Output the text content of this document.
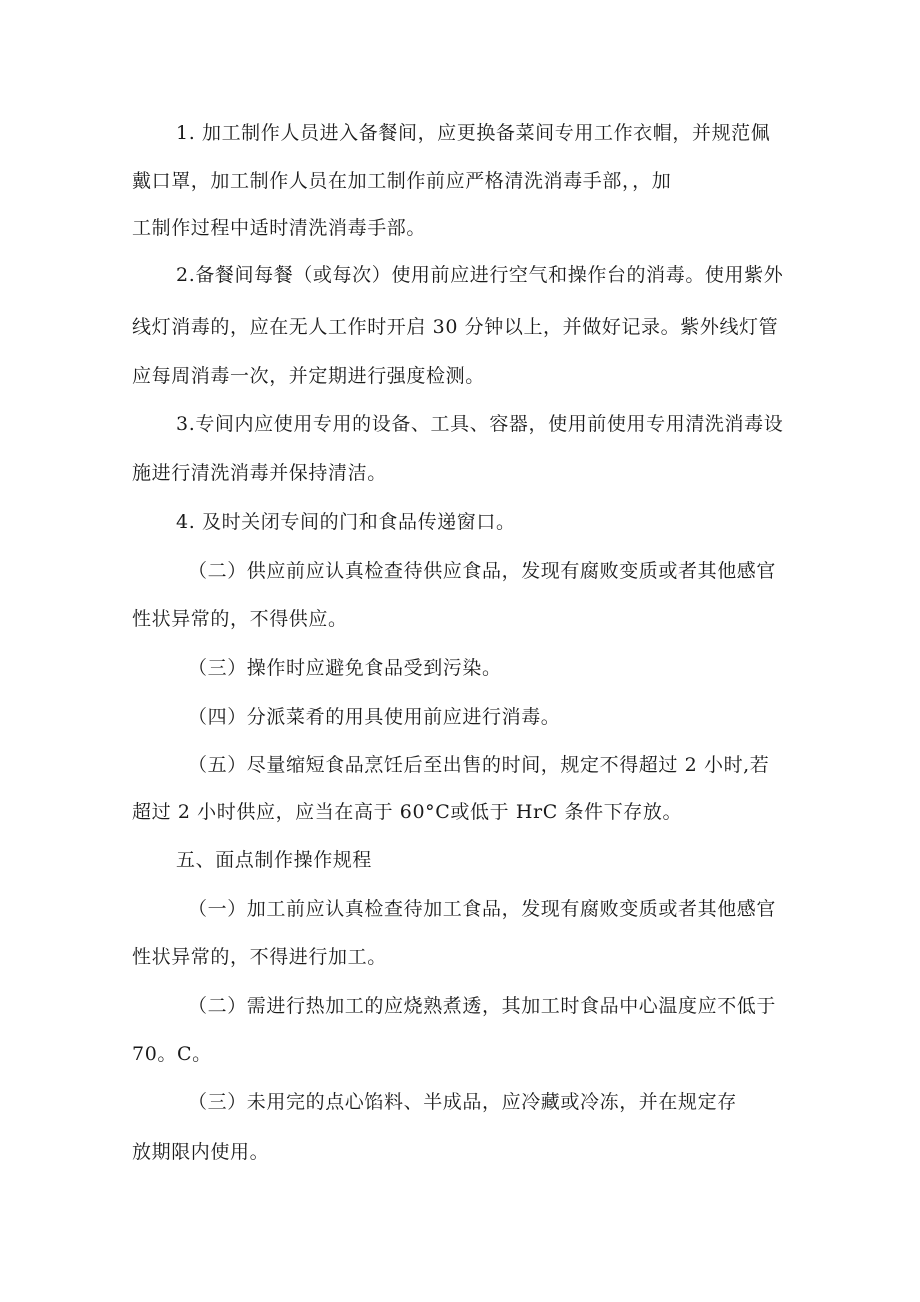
1. 加工制作人员进入备餐间，应更换备菜间专用工作衣帽，并规范佩
戴口罩，加工制作人员在加工制作前应严格清洗消毒手部，，加
工制作过程中适时清洗消毒手部。
2.备餐间每餐（或每次）使用前应进行空气和操作台的消毒。使用紫外
线灯消毒的，应在无人工作时开启 30 分钟以上，并做好记录。紫外线灯管
应每周消毒一次，并定期进行强度检测。
3.专间内应使用专用的设备、工具、容器，使用前使用专用清洗消毒设
施进行清洗消毒并保持清洁。
4. 及时关闭专间的门和食品传递窗口。
（二）供应前应认真检查待供应食品，发现有腐败变质或者其他感官
性状异常的，不得供应。
（三）操作时应避免食品受到污染。
（四）分派菜肴的用具使用前应进行消毒。
（五）尽量缩短食品烹饪后至出售的时间，规定不得超过 2 小时,若
超过 2 小时供应，应当在高于 60°C或低于 HrC 条件下存放。
五、面点制作操作规程
（一）加工前应认真检查待加工食品，发现有腐败变质或者其他感官
性状异常的，不得进行加工。
（二）需进行热加工的应烧熟煮透，其加工时食品中心温度应不低于
70。C。
（三）未用完的点心馅料、半成品，应冷藏或冷冻，并在规定存
放期限内使用。
